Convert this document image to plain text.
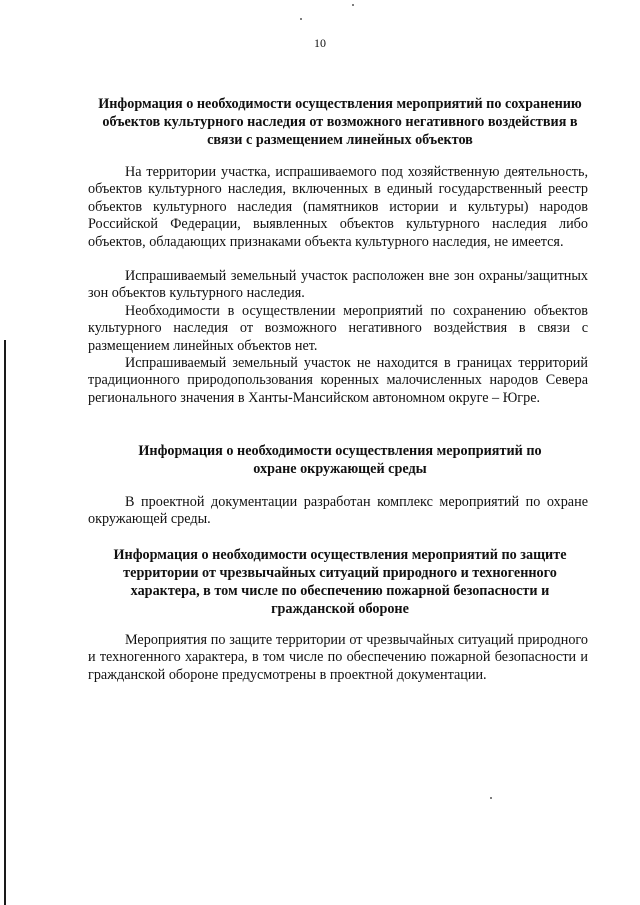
10
Информация о необходимости осуществления мероприятий по сохранению объектов культурного наследия от возможного негативного воздействия в связи с размещением линейных объектов
На территории участка, испрашиваемого под хозяйственную деятельность, объектов культурного наследия, включенных в единый государственный реестр объектов культурного наследия (памятников истории и культуры) народов Российской Федерации, выявленных объектов культурного наследия либо объектов, обладающих признаками объекта культурного наследия, не имеется.
Испрашиваемый земельный участок расположен вне зон охраны/защитных зон объектов культурного наследия.
Необходимости в осуществлении мероприятий по сохранению объектов культурного наследия от возможного негативного воздействия в связи с размещением линейных объектов нет.
Испрашиваемый земельный участок не находится в границах территорий традиционного природопользования коренных малочисленных народов Севера регионального значения в Ханты-Мансийском автономном округе – Югре.
Информация о необходимости осуществления мероприятий по охране окружающей среды
В проектной документации разработан комплекс мероприятий по охране окружающей среды.
Информация о необходимости осуществления мероприятий по защите территории от чрезвычайных ситуаций природного и техногенного характера, в том числе по обеспечению пожарной безопасности и гражданской обороне
Мероприятия по защите территории от чрезвычайных ситуаций природного и техногенного характера, в том числе по обеспечению пожарной безопасности и гражданской обороне предусмотрены в проектной документации.
